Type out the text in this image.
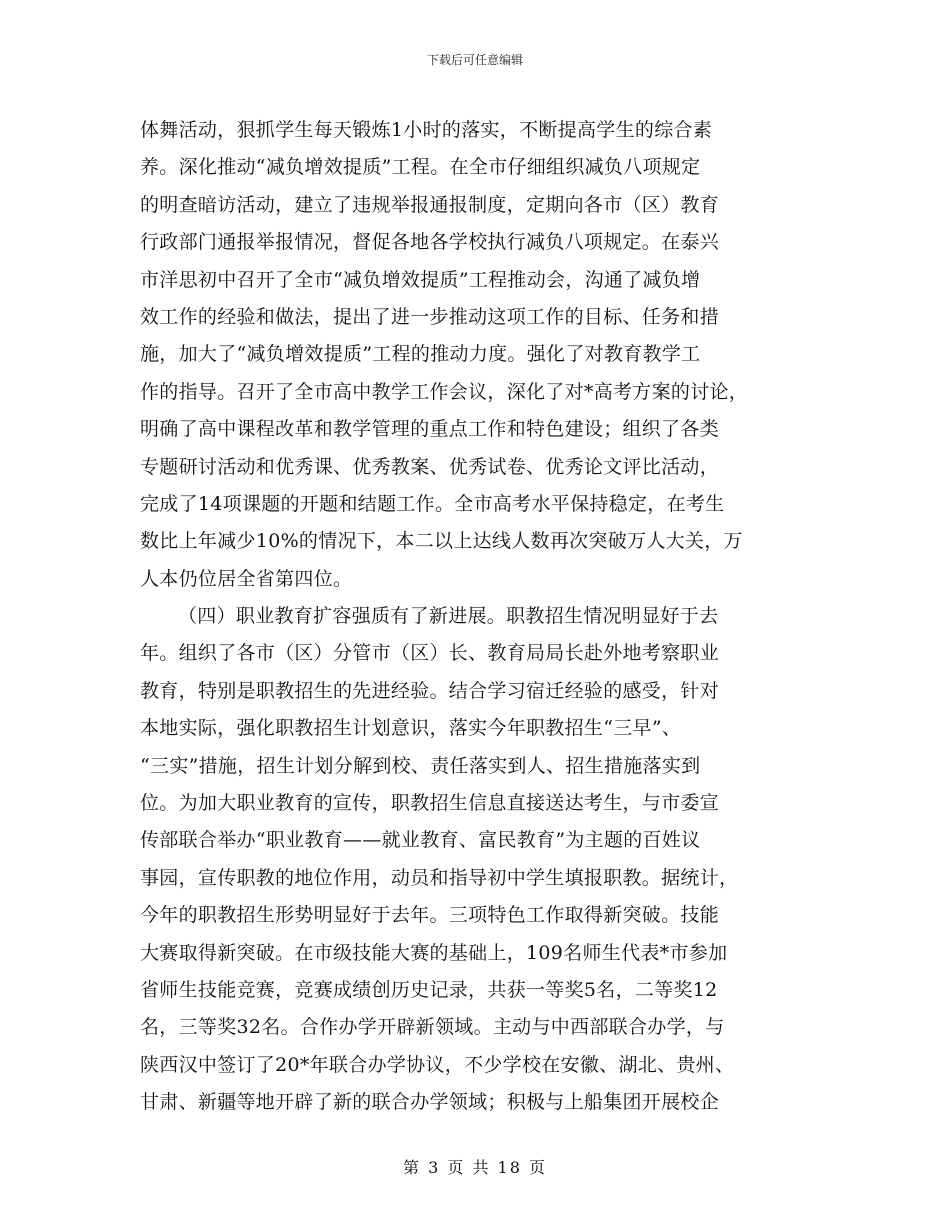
下载后可任意编辑
体舞活动，狠抓学生每天锻炼1小时的落实，不断提高学生的综合素
养。深化推动“减负增效提质”工程。在全市仔细组织减负八项规定
的明查暗访活动，建立了违规举报通报制度，定期向各市（区）教育
行政部门通报举报情况，督促各地各学校执行减负八项规定。在泰兴
市洋思初中召开了全市“减负增效提质”工程推动会，沟通了减负增
效工作的经验和做法，提出了进一步推动这项工作的目标、任务和措
施，加大了“减负增效提质”工程的推动力度。强化了对教育教学工
作的指导。召开了全市高中教学工作会议，深化了对*高考方案的讨论，
明确了高中课程改革和教学管理的重点工作和特色建设；组织了各类
专题研讨活动和优秀课、优秀教案、优秀试卷、优秀论文评比活动，
完成了14项课题的开题和结题工作。全市高考水平保持稳定，在考生
数比上年减少10%的情况下，本二以上达线人数再次突破万人大关，万
人本仍位居全省第四位。
（四）职业教育扩容强质有了新进展。职教招生情况明显好于去
年。组织了各市（区）分管市（区）长、教育局局长赴外地考察职业
教育，特别是职教招生的先进经验。结合学习宿迁经验的感受，针对
本地实际，强化职教招生计划意识，落实今年职教招生“三早”、
“三实”措施，招生计划分解到校、责任落实到人、招生措施落实到
位。为加大职业教育的宣传，职教招生信息直接送达考生，与市委宣
传部联合举办“职业教育——就业教育、富民教育”为主题的百姓议
事园，宣传职教的地位作用，动员和指导初中学生填报职教。据统计，
今年的职教招生形势明显好于去年。三项特色工作取得新突破。技能
大赛取得新突破。在市级技能大赛的基础上，109名师生代表*市参加
省师生技能竞赛，竞赛成绩创历史记录，共获一等奖5名，二等奖12
名，三等奖32名。合作办学开辟新领域。主动与中西部联合办学，与
陕西汉中签订了20*年联合办学协议，不少学校在安徽、湖北、贵州、
甘肃、新疆等地开辟了新的联合办学领域；积极与上船集团开展校企
第 3 页 共 18 页
